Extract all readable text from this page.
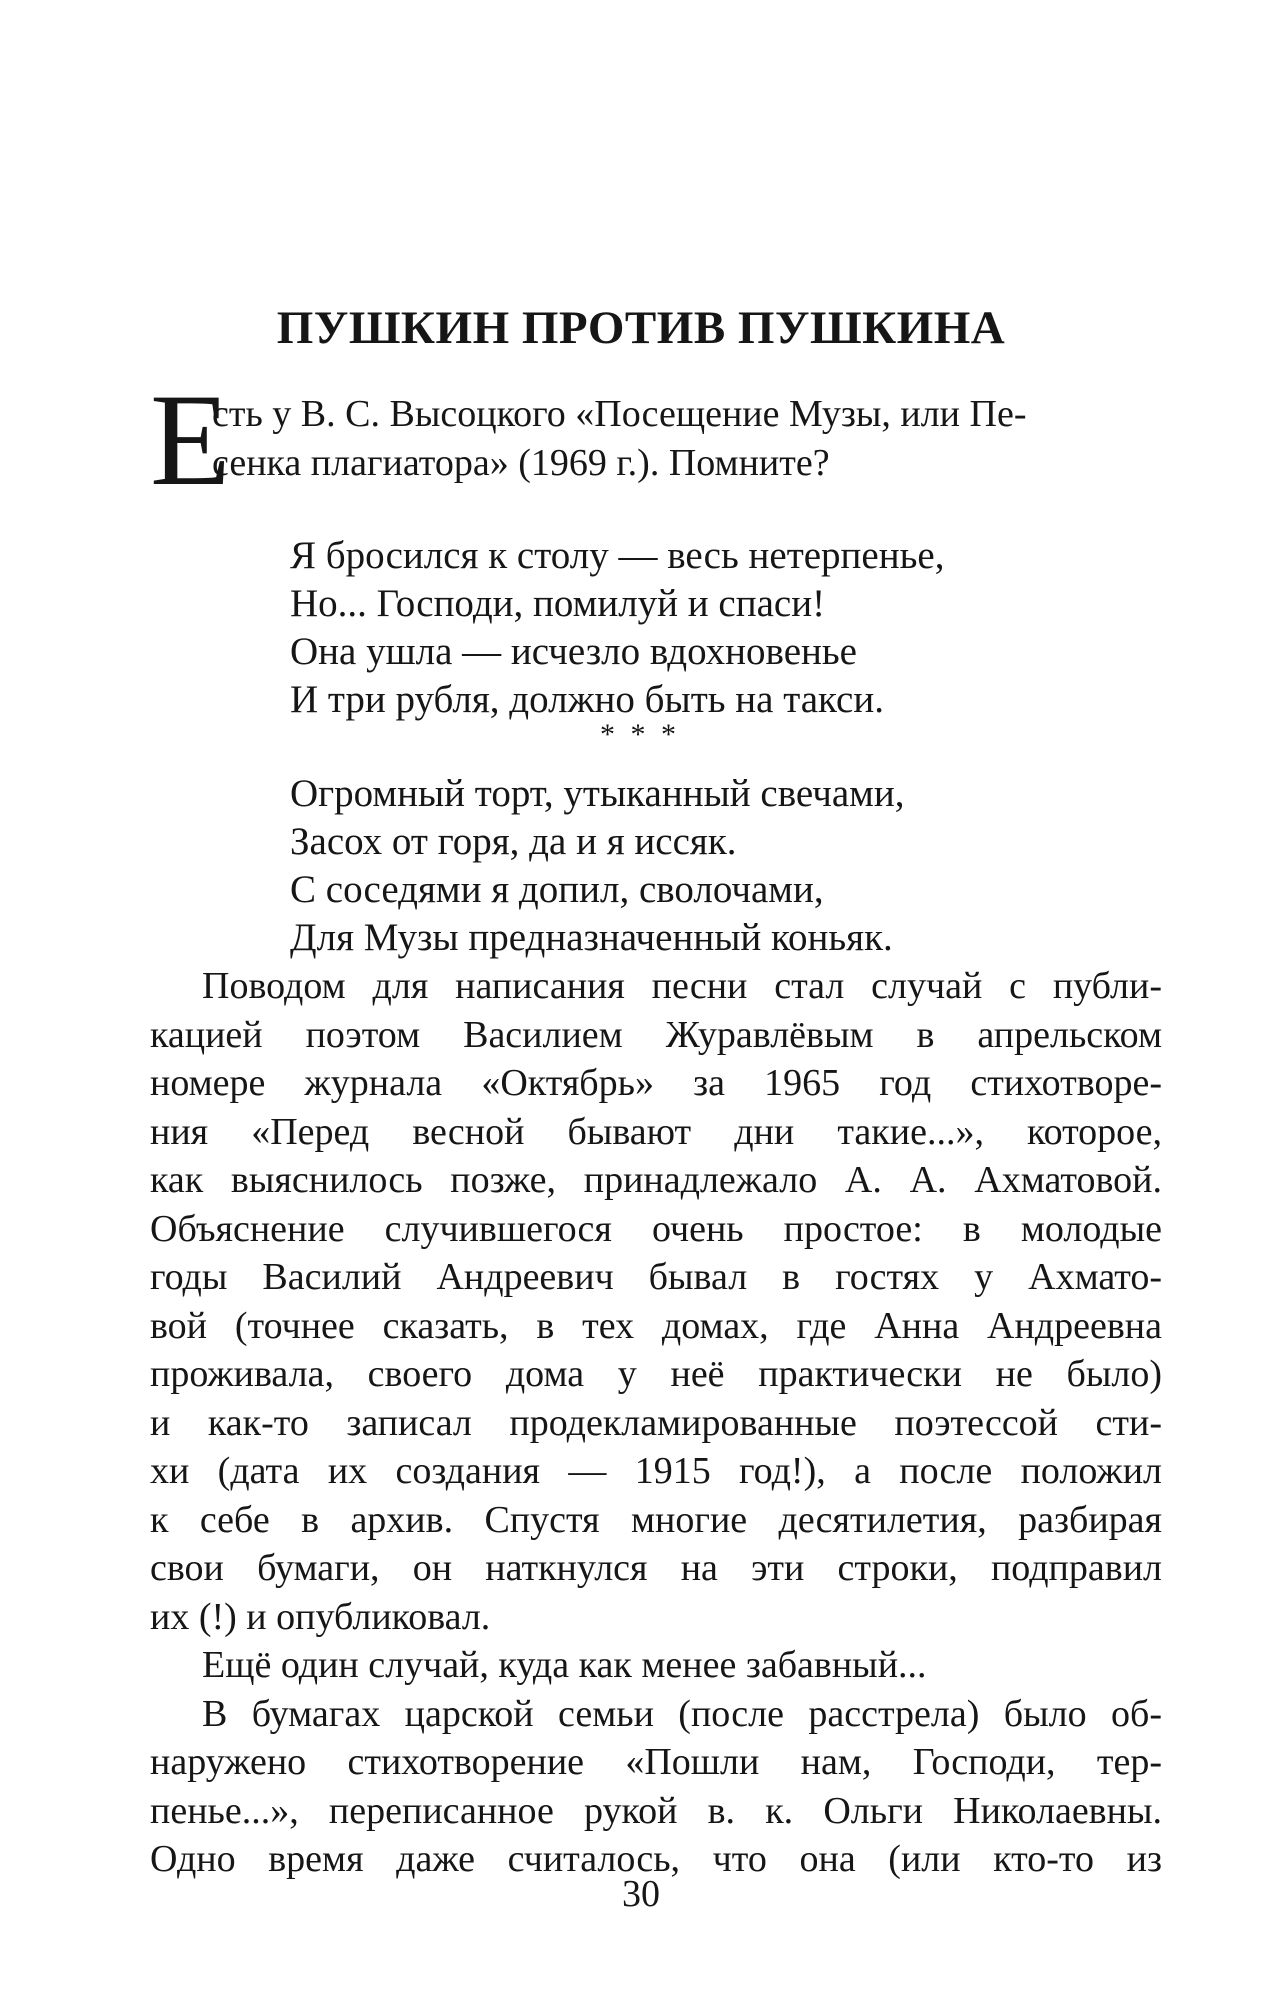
ПУШКИН ПРОТИВ ПУШКИНА
Е
сть у В. С. Высоцкого «Посещение Музы, или Пе-
сенка плагиатора» (1969 г.). Помните?
Я бросился к столу — весь нетерпенье,
Но... Господи, помилуй и спаси!
Она ушла — исчезло вдохновенье
И три рубля, должно быть на такси.
* * *
Огромный торт, утыканный свечами,
Засох от горя, да и я иссяк.
С соседями я допил, сволочами,
Для Музы предназначенный коньяк.
Поводом для написания песни стал случай с публи-
кацией поэтом Василием Журавлёвым в апрельском
номере журнала «Октябрь» за 1965 год стихотворе-
ния «Перед весной бывают дни такие...», которое,
как выяснилось позже, принадлежало А. А. Ахматовой.
Объяснение случившегося очень простое: в молодые
годы Василий Андреевич бывал в гостях у Ахмато-
вой (точнее сказать, в тех домах, где Анна Андреевна
проживала, своего дома у неё практически не было)
и как-то записал продекламированные поэтессой сти-
хи (дата их создания — 1915 год!), а после положил
к себе в архив. Спустя многие десятилетия, разбирая
свои бумаги, он наткнулся на эти строки, подправил
их (!) и опубликовал.
Ещё один случай, куда как менее забавный...
В бумагах царской семьи (после расстрела) было об-
наружено стихотворение «Пошли нам, Господи, тер-
пенье...», переписанное рукой в. к. Ольги Николаевны.
Одно время даже считалось, что она (или кто-то из
30
